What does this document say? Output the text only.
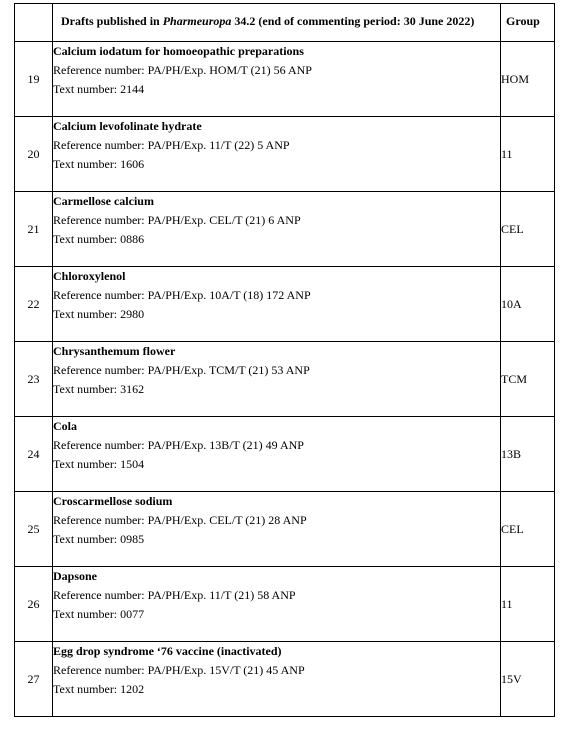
	Drafts published in Pharmeuropa 34.2 (end of commenting period: 30 June 2022)	Group
19	Calcium iodatum for homoeopathic preparations
Reference number: PA/PH/Exp. HOM/T (21) 56 ANP
Text number: 2144	HOM
20	Calcium levofolinate hydrate
Reference number: PA/PH/Exp. 11/T (22) 5 ANP
Text number: 1606	11
21	Carmellose calcium
Reference number: PA/PH/Exp. CEL/T (21) 6 ANP
Text number: 0886	CEL
22	Chloroxylenol
Reference number: PA/PH/Exp. 10A/T (18) 172 ANP
Text number: 2980	10A
23	Chrysanthemum flower
Reference number: PA/PH/Exp. TCM/T (21) 53 ANP
Text number: 3162	TCM
24	Cola
Reference number: PA/PH/Exp. 13B/T (21) 49 ANP
Text number: 1504	13B
25	Croscarmellose sodium
Reference number: PA/PH/Exp. CEL/T (21) 28 ANP
Text number: 0985	CEL
26	Dapsone
Reference number: PA/PH/Exp. 11/T (21) 58 ANP
Text number: 0077	11
27	Egg drop syndrome ‘76 vaccine (inactivated)
Reference number: PA/PH/Exp. 15V/T (21) 45 ANP
Text number: 1202	15V
